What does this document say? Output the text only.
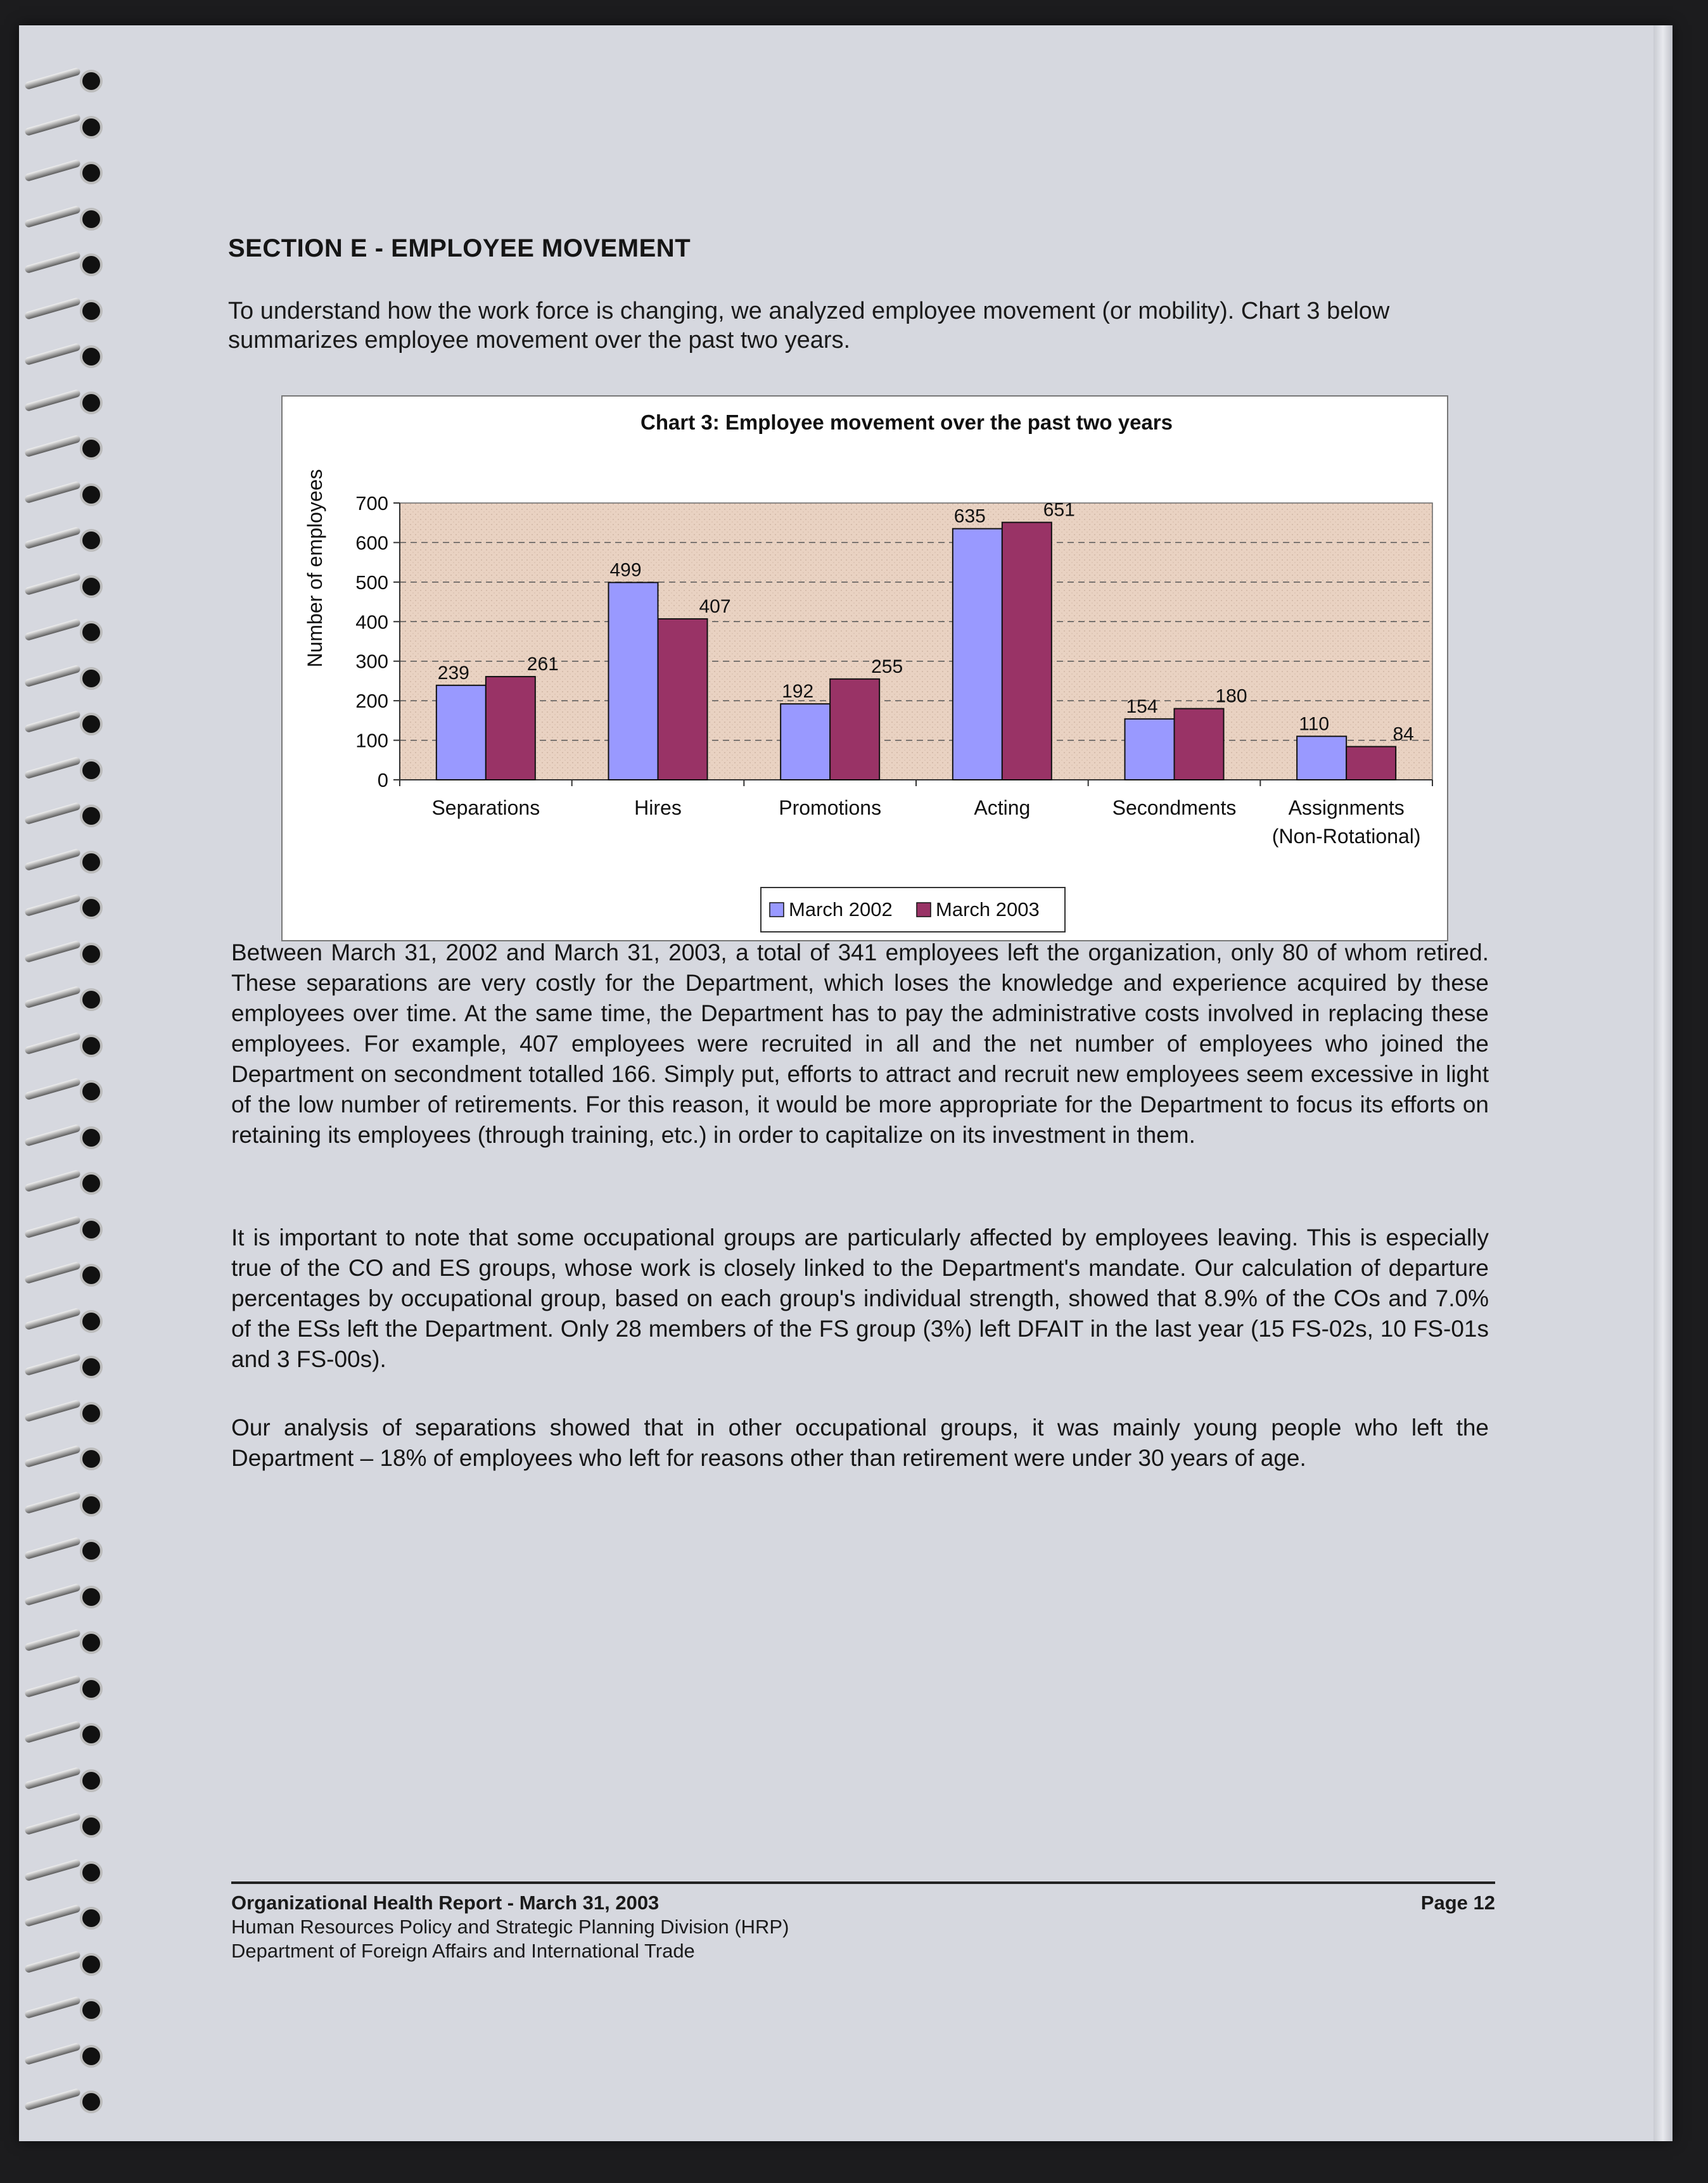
SECTION E - EMPLOYEE MOVEMENT

To understand how the work force is changing, we analyzed employee movement (or mobility). Chart 3 below summarizes employee movement over the past two years.

Chart 3: Employee movement over the past two years
Number of employees
0
100
200
300
400
500
600
700
239	261
Separations
499
407
Hires
192
255
Promotions
635	651
Acting
154	180
Secondments
110	84
Assignments
(Non-Rotational)
March 2002 March 2003

Between March 31, 2002 and March 31, 2003, a total of 341 employees left the organization, only 80 of whom retired. These separations are very costly for the Department, which loses the knowledge and experience acquired by these employees over time. At the same time, the Department has to pay the administrative costs involved in replacing these employees. For example, 407 employees were recruited in all and the net number of employees who joined the Department on secondment totalled 166. Simply put, efforts to attract and recruit new employees seem excessive in light of the low number of retirements. For this reason, it would be more appropriate for the Department to focus its efforts on retaining its employees (through training, etc.) in order to capitalize on its investment in them.

It is important to note that some occupational groups are particularly affected by employees leaving. This is especially true of the CO and ES groups, whose work is closely linked to the Department's mandate. Our calculation of departure percentages by occupational group, based on each group's individual strength, showed that 8.9% of the COs and 7.0% of the ESs left the Department. Only 28 members of the FS group (3%) left DFAIT in the last year (15 FS-02s, 10 FS-01s and 3 FS-00s).

Our analysis of separations showed that in other occupational groups, it was mainly young people who left the Department – 18% of employees who left for reasons other than retirement were under 30 years of age.

Organizational Health Report - March 31, 2003
Human Resources Policy and Strategic Planning Division (HRP)
Department of Foreign Affairs and International Trade
Page 12
